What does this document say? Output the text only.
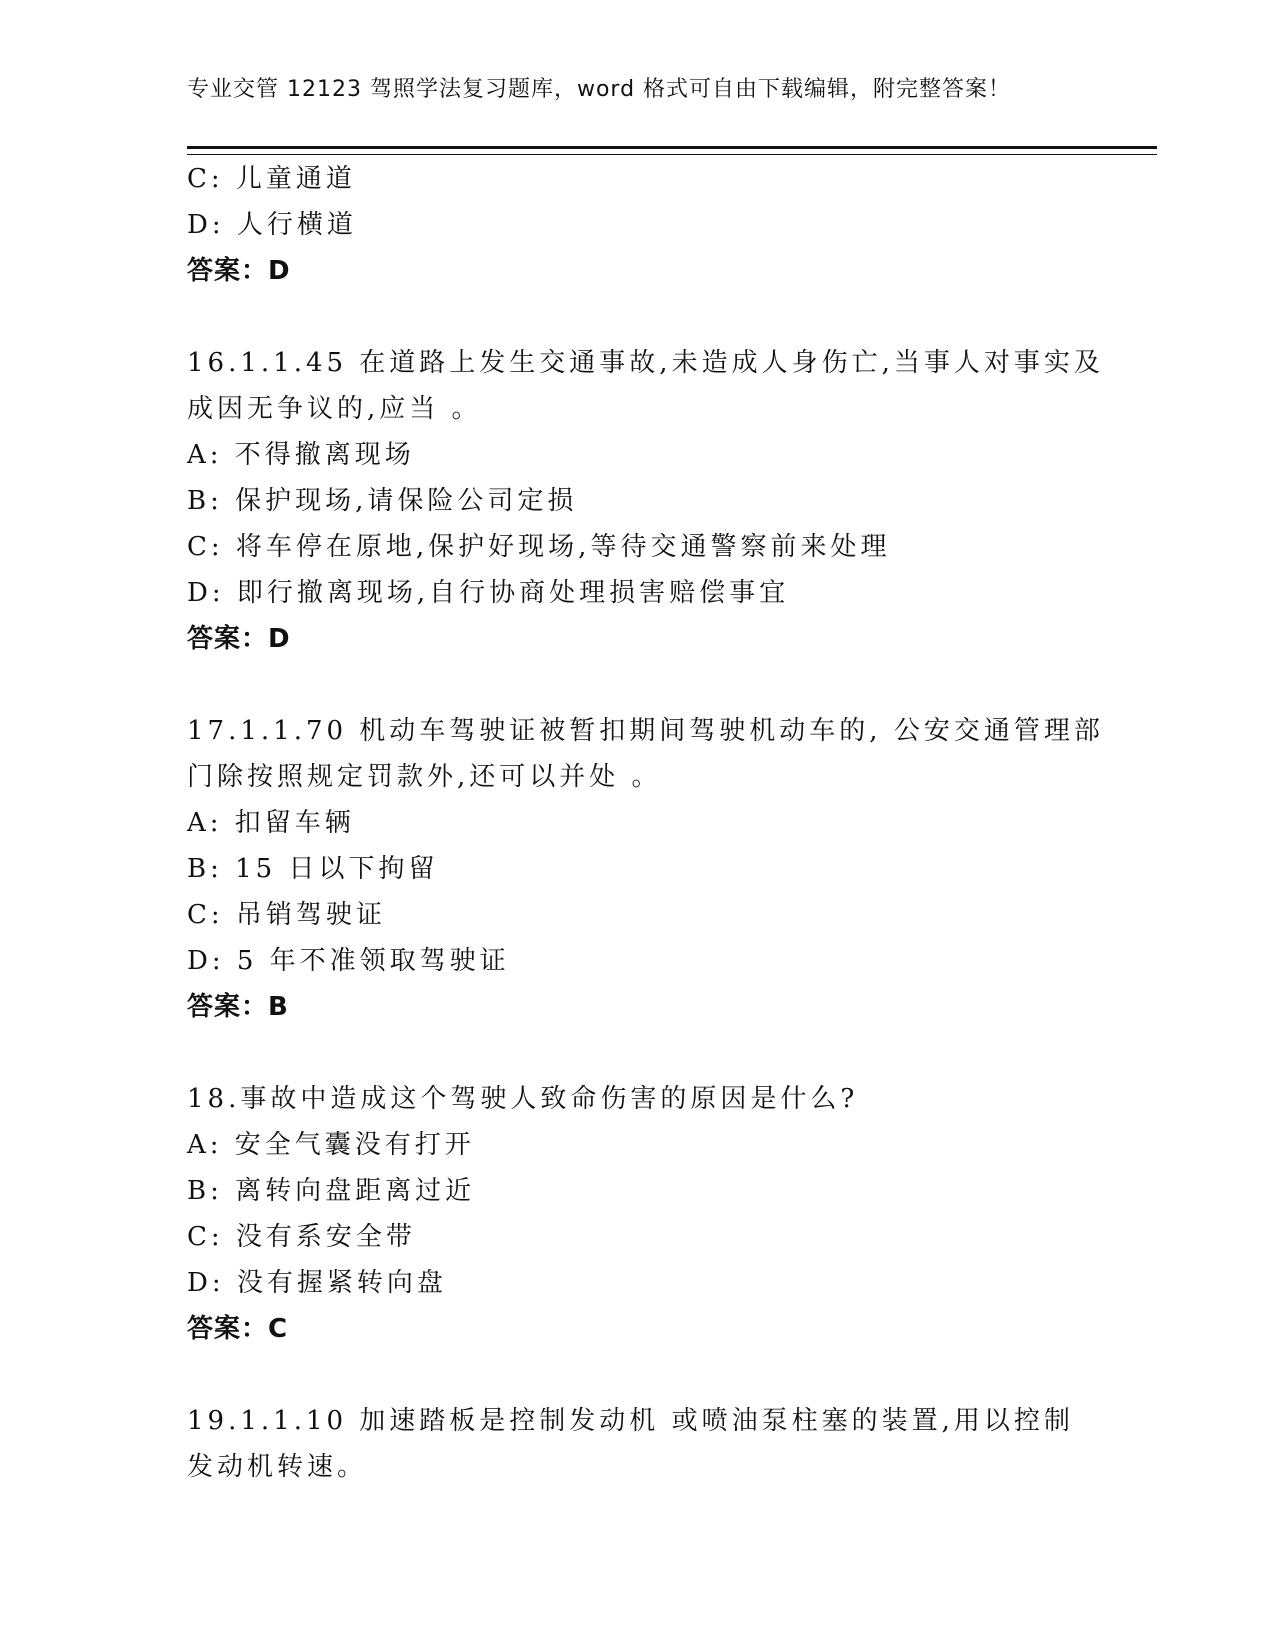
专业交管 12123 驾照学法复习题库，word 格式可自由下载编辑，附完整答案！
C: 儿童通道
D: 人行横道
答案：D
16.1.1.45 在道路上发生交通事故,未造成人身伤亡,当事人对事实及
成因无争议的,应当 。
A: 不得撤离现场
B: 保护现场,请保险公司定损
C: 将车停在原地,保护好现场,等待交通警察前来处理
D: 即行撤离现场,自行协商处理损害赔偿事宜
答案：D
17.1.1.70 机动车驾驶证被暂扣期间驾驶机动车的, 公安交通管理部
门除按照规定罚款外,还可以并处 。
A: 扣留车辆
B: 15 日以下拘留
C: 吊销驾驶证
D: 5 年不准领取驾驶证
答案：B
18.事故中造成这个驾驶人致命伤害的原因是什么?
A: 安全气囊没有打开
B: 离转向盘距离过近
C: 没有系安全带
D: 没有握紧转向盘
答案：C
19.1.1.10 加速踏板是控制发动机 或喷油泵柱塞的装置,用以控制
发动机转速。
